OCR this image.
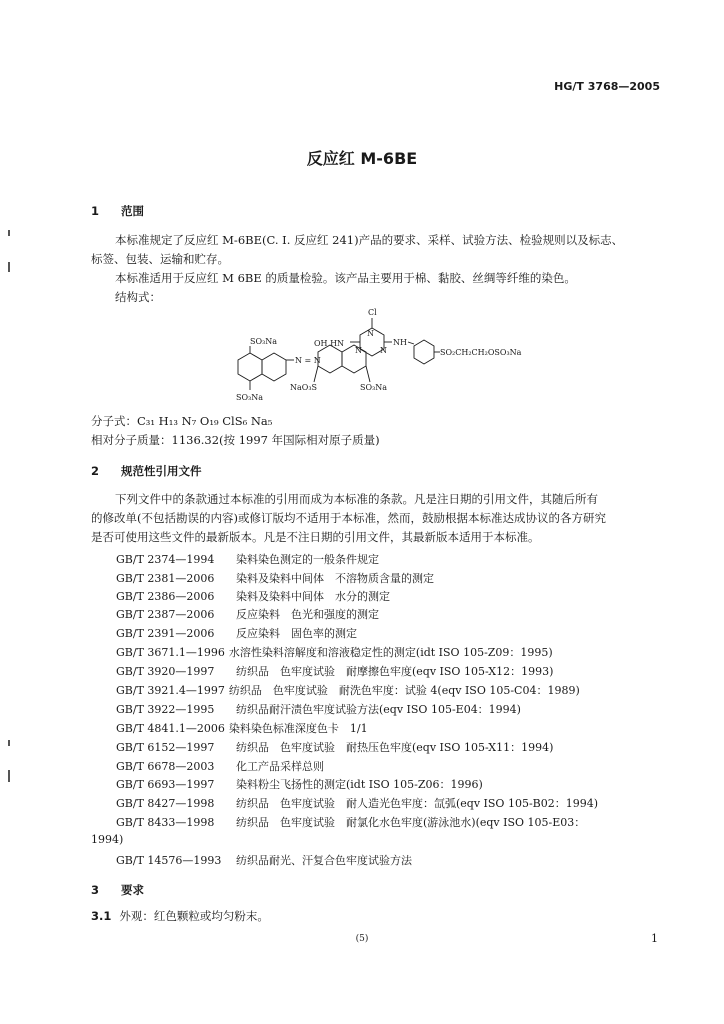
HG/T 3768—2005
反应红 M-6BE
1 范围
本标准规定了反应红 M-6BE(C. I. 反应红 241)产品的要求、采样、试验方法、检验规则以及标志、
标签、包装、运输和贮存。
本标准适用于反应红 M 6BE 的质量检验。该产品主要用于棉、黏胶、丝绸等纤维的染色。
结构式：
SO₃Na
SO₃Na
N = N
OH HN
NaO₃S	SO₃Na
Cl
N
N N
NH
SO₂CH₂CH₂OSO₃Na
分子式：C₃₁ H₁₃ N₇ O₁₉ ClS₆ Na₅
相对分子质量：1136.32(按 1997 年国际相对原子质量)
2 规范性引用文件
下列文件中的条款通过本标准的引用而成为本标准的条款。凡是注日期的引用文件，其随后所有
的修改单(不包括勘误的内容)或修订版均不适用于本标准，然而，鼓励根据本标准达成协议的各方研究
是否可使用这些文件的最新版本。凡是不注日期的引用文件，其最新版本适用于本标准。
GB/T 2374—1994 染料染色测定的一般条件规定
GB/T 2381—2006 染料及染料中间体　不溶物质含量的测定
GB/T 2386—2006 染料及染料中间体　水分的测定
GB/T 2387—2006 反应染料　色光和强度的测定
GB/T 2391—2006 反应染料　固色率的测定
GB/T 3671.1—1996 水溶性染料溶解度和溶液稳定性的测定(idt ISO 105-Z09：1995)
GB/T 3920—1997 纺织品　色牢度试验　耐摩擦色牢度(eqv ISO 105-X12：1993)
GB/T 3921.4—1997 纺织品　色牢度试验　耐洗色牢度：试验 4(eqv ISO 105-C04：1989)
GB/T 3922—1995 纺织品耐汗渍色牢度试验方法(eqv ISO 105-E04：1994)
GB/T 4841.1—2006 染料染色标准深度色卡　1/1
GB/T 6152—1997 纺织品　色牢度试验　耐热压色牢度(eqv ISO 105-X11：1994)
GB/T 6678—2003 化工产品采样总则
GB/T 6693—1997 染料粉尘飞扬性的测定(idt ISO 105-Z06：1996)
GB/T 8427—1998 纺织品　色牢度试验　耐人造光色牢度：氙弧(eqv ISO 105-B02：1994)
GB/T 8433—1998 纺织品　色牢度试验　耐氯化水色牢度(游泳池水)(eqv ISO 105-E03：
1994)
GB/T 14576—1993 纺织品耐光、汗复合色牢度试验方法
3 要求
3.1 外观：红色颗粒或均匀粉末。
(5)	1
